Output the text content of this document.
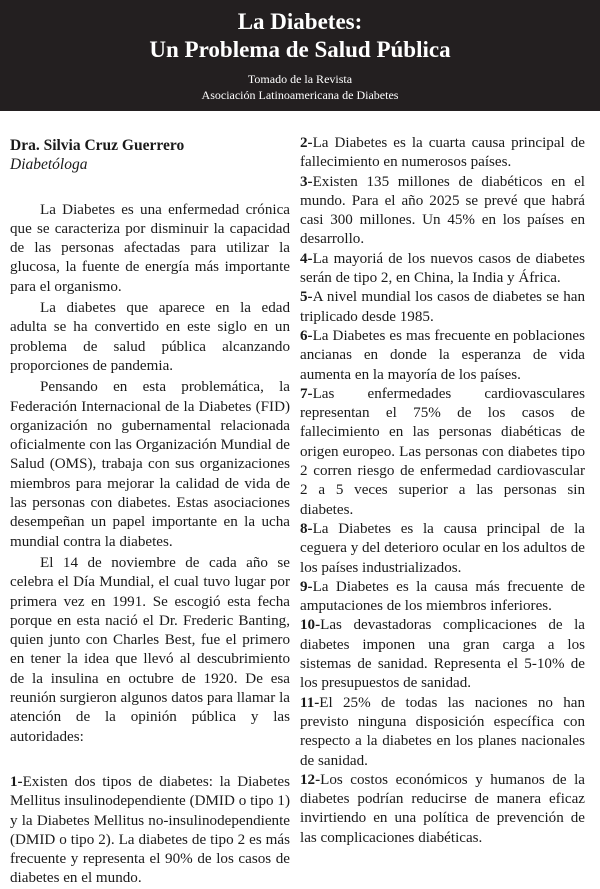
La Diabetes:
Un Problema de Salud Pública
Tomado de la Revista
Asociación Latinoamericana de Diabetes

Dra. Silvia Cruz Guerrero

Diabetóloga

La Diabetes es una enfermedad crónica que se caracteriza por disminuir la capacidad de las personas afectadas para utilizar la glucosa, la fuente de energía más importante para el organismo.

La diabetes que aparece en la edad adulta se ha convertido en este siglo en un problema de salud pública alcanzando proporciones de pandemia.

Pensando en esta problemática, la Federación Internacional de la Diabetes (FID) organización no gubernamental relacionada oficialmente con las Organización Mundial de Salud (OMS), trabaja con sus organizaciones miembros para mejorar la calidad de vida de las personas con diabetes. Estas asociaciones desempeñan un papel importante en la ucha mundial contra la diabetes.

El 14 de noviembre de cada año se celebra el Día Mundial, el cual tuvo lugar por primera vez en 1991. Se escogió esta fecha porque en esta nació el Dr. Frederic Banting, quien junto con Charles Best, fue el primero en tener la idea que llevó al descubrimiento de la insulina en octubre de 1920. De esa reunión surgieron algunos datos para llamar la atención de la opinión pública y las autoridades:

1-Existen dos tipos de diabetes: la Diabetes Mellitus insulinodependiente (DMID o tipo 1) y la Diabetes Mellitus no-insulinodependiente (DMID o tipo 2). La diabetes de tipo 2 es más frecuente y representa el 90% de los casos de diabetes en el mundo.

2-La Diabetes es la cuarta causa principal de fallecimiento en numerosos países.

3-Existen 135 millones de diabéticos en el mundo. Para el año 2025 se prevé que habrá casi 300 millones. Un 45% en los países en desarrollo.

4-La mayoriá de los nuevos casos de diabetes serán de tipo 2, en China, la India y África.

5-A nivel mundial los casos de diabetes se han triplicado desde 1985.

6-La Diabetes es mas frecuente en poblaciones ancianas en donde la esperanza de vida aumenta en la mayoría de los países.

7-Las enfermedades cardiovasculares representan el 75% de los casos de fallecimiento en las personas diabéticas de origen europeo. Las personas con diabetes tipo 2 corren riesgo de enfermedad cardiovascular 2 a 5 veces superior a las personas sin diabetes.

8-La Diabetes es la causa principal de la ceguera y del deterioro ocular en los adultos de los países industrializados.

9-La Diabetes es la causa más frecuente de amputaciones de los miembros inferiores.

10-Las devastadoras complicaciones de la diabetes imponen una gran carga a los sistemas de sanidad. Representa el 5-10% de los presupuestos de sanidad.

11-El 25% de todas las naciones no han previsto ninguna disposición específica con respecto a la diabetes en los planes nacionales de sanidad.

12-Los costos económicos y humanos de la diabetes podrían reducirse de manera eficaz invirtiendo en una política de prevención de las complicaciones diabéticas.
